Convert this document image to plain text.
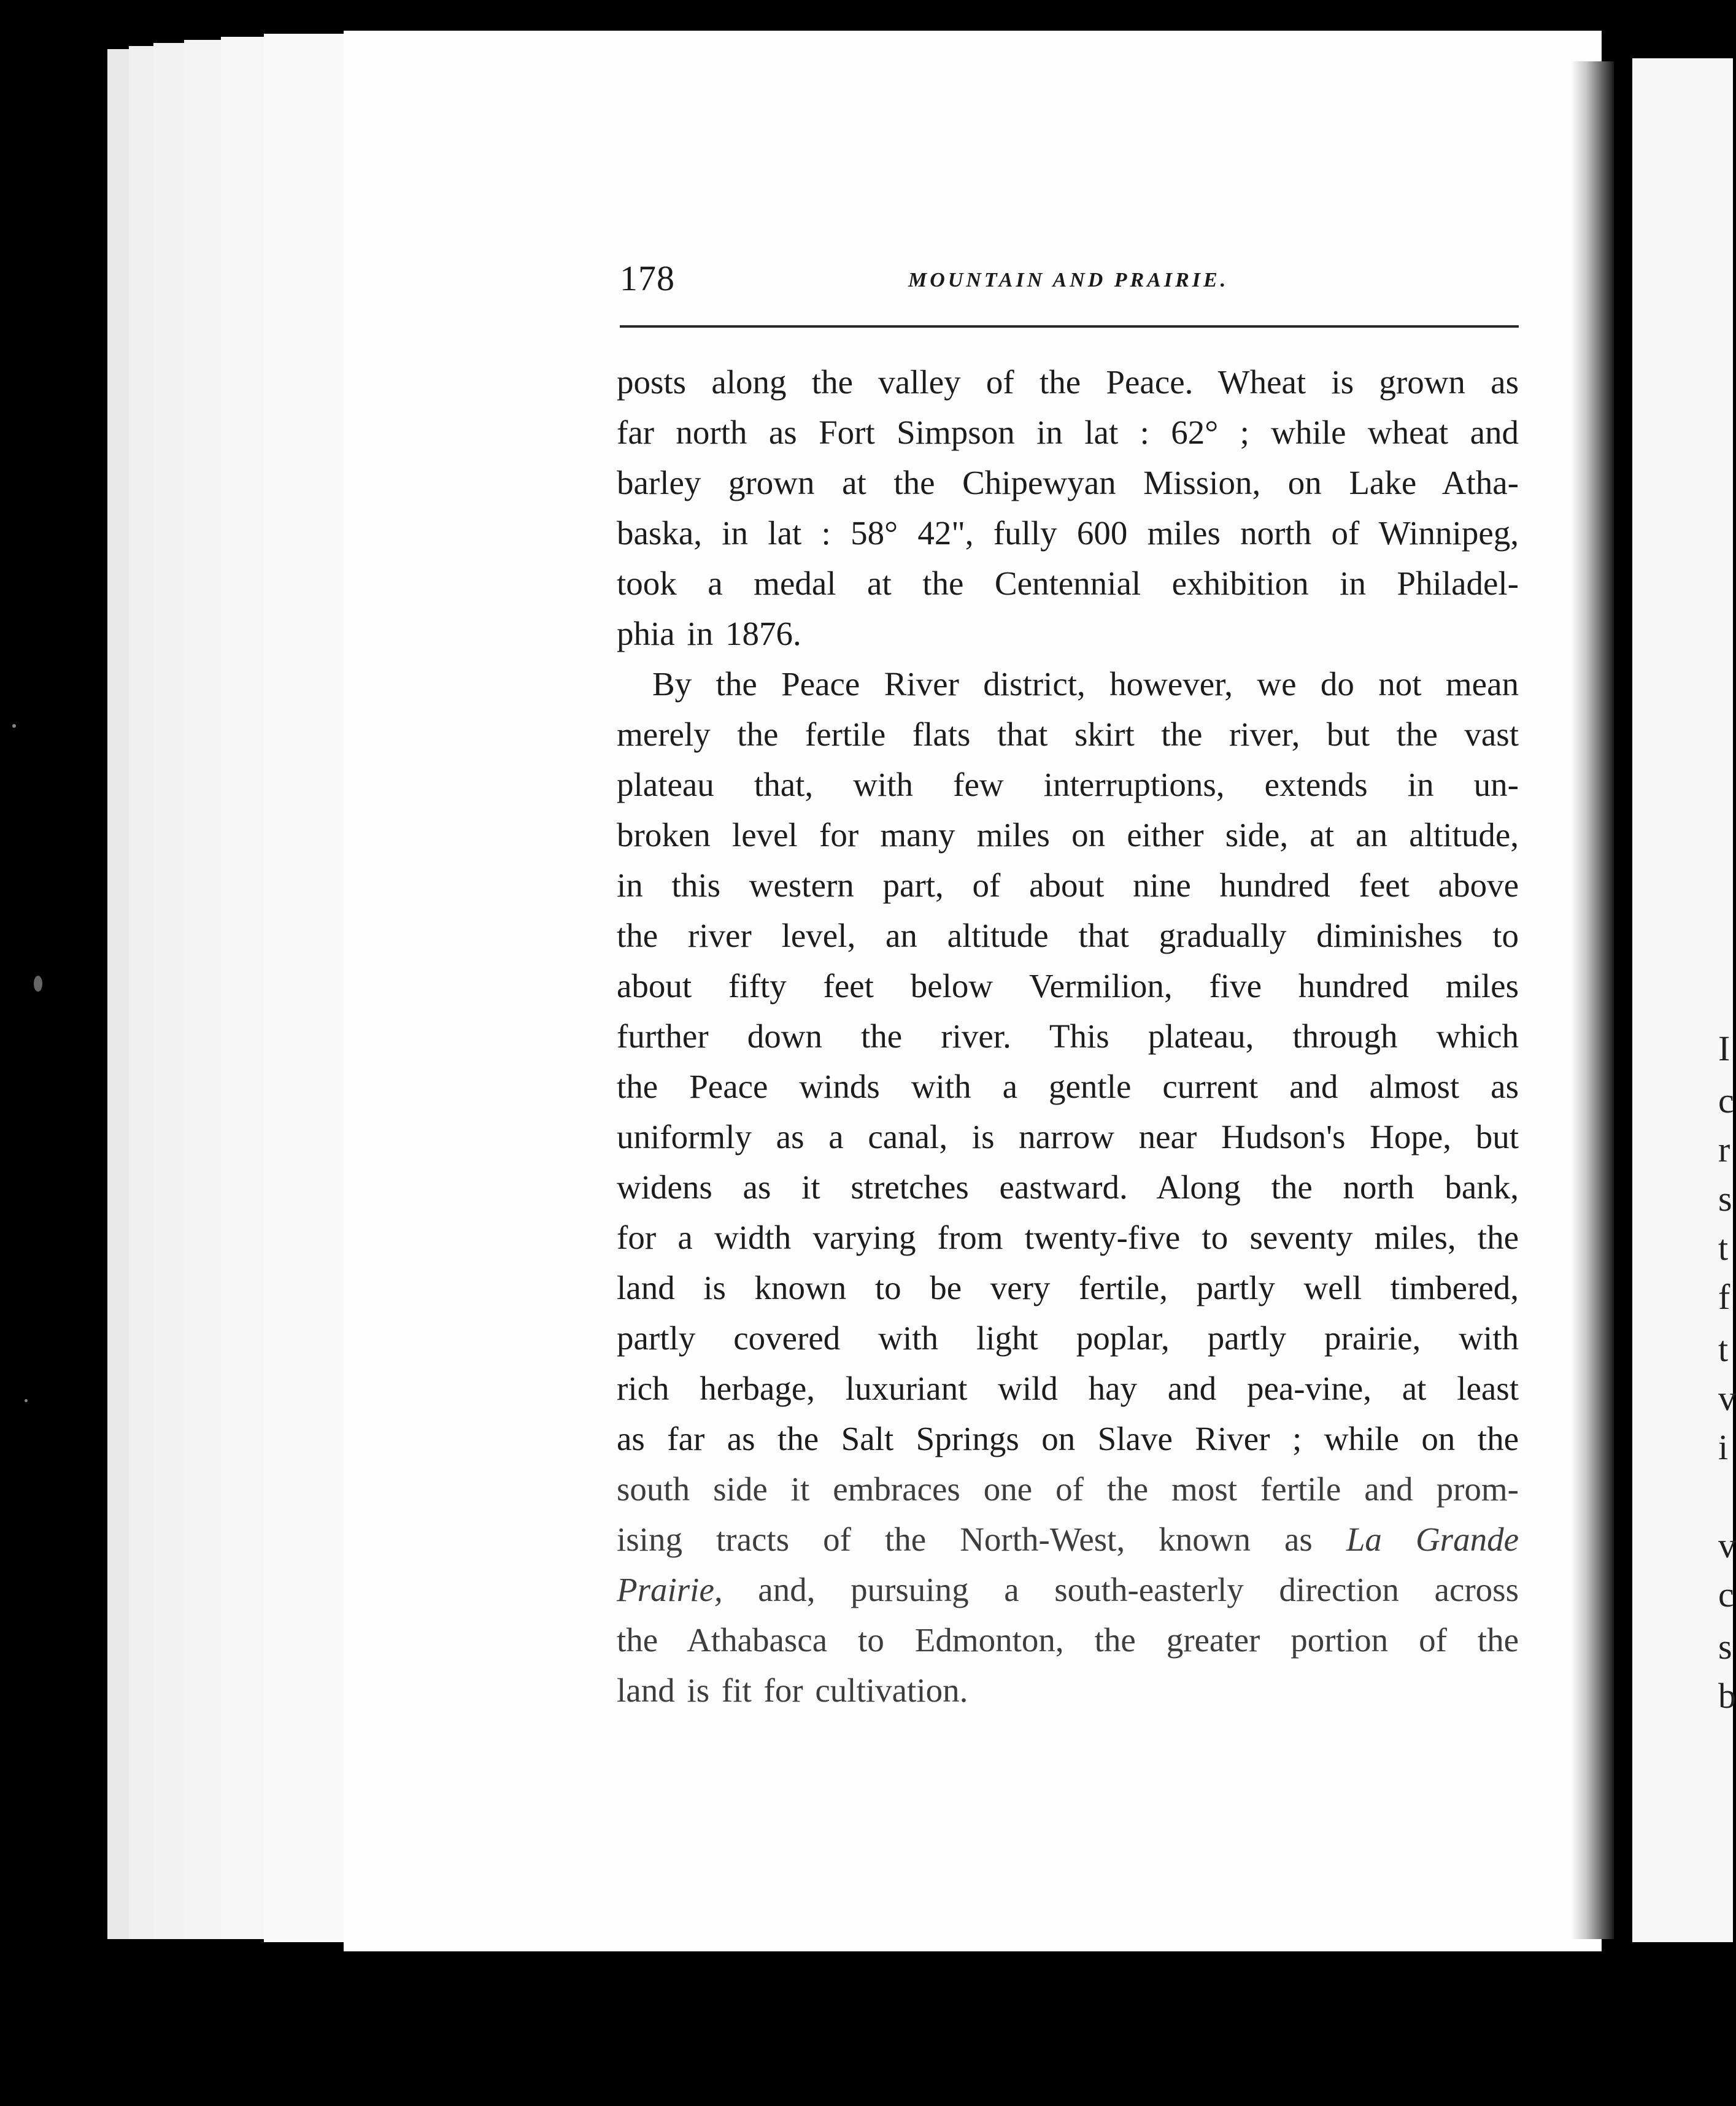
I
c
r
s
t
f
t
v
i
v
c
s
b
178	MOUNTAIN AND PRAIRIE.
posts along the valley of the Peace. Wheat is grown as
far north as Fort Simpson in lat : 62° ; while wheat and
barley grown at the Chipewyan Mission, on Lake Atha-
baska, in lat : 58° 42", fully 600 miles north of Winnipeg,
took a medal at the Centennial exhibition in Philadel-
phia in 1876.
By the Peace River district, however, we do not mean
merely the fertile flats that skirt the river, but the vast
plateau that, with few interruptions, extends in un-
broken level for many miles on either side, at an altitude,
in this western part, of about nine hundred feet above
the river level, an altitude that gradually diminishes to
about fifty feet below Vermilion, five hundred miles
further down the river. This plateau, through which
the Peace winds with a gentle current and almost as
uniformly as a canal, is narrow near Hudson's Hope, but
widens as it stretches eastward. Along the north bank,
for a width varying from twenty-five to seventy miles, the
land is known to be very fertile, partly well timbered,
partly covered with light poplar, partly prairie, with
rich herbage, luxuriant wild hay and pea-vine, at least
as far as the Salt Springs on Slave River ; while on the
south side it embraces one of the most fertile and prom-
ising tracts of the North-West, known as La Grande
Prairie, and, pursuing a south-easterly direction across
the Athabasca to Edmonton, the greater portion of the
land is fit for cultivation.
